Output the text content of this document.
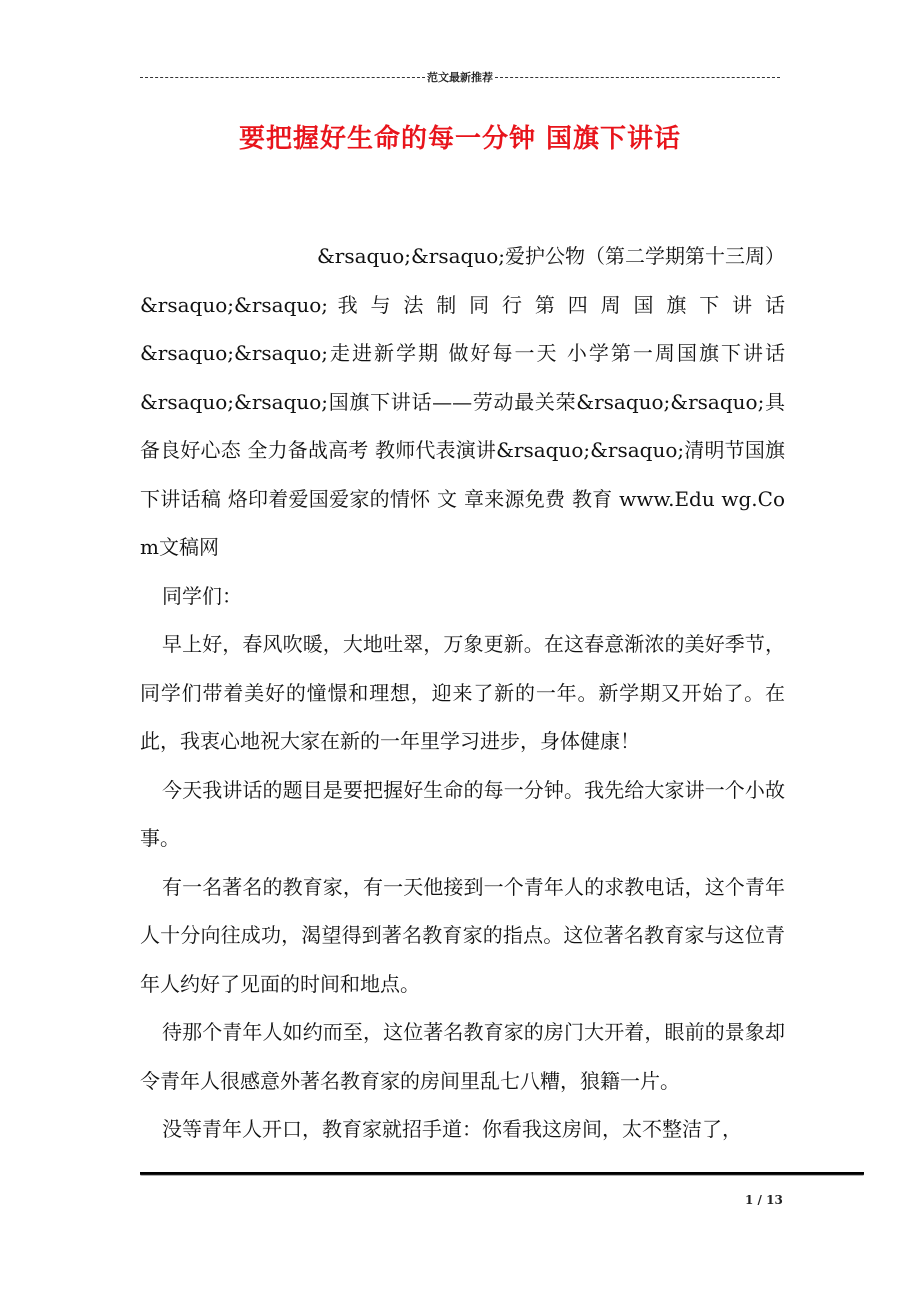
范文最新推荐
要把握好生命的每一分钟 国旗下讲话

&rsaquo;&rsaquo;爱护公物（第二学期第十三周）
&rsaquo;&rsaquo; 我 与 法 制 同 行 第 四 周 国 旗 下 讲 话 &rsaquo;&rsaquo;走进新学期 做好每一天 小学第一周国旗下讲话 &rsaquo;&rsaquo;国旗下讲话——劳动最关荣&rsaquo;&rsaquo;具备良好心态 全力备战高考 教师代表演讲&rsaquo;&rsaquo;清明节国旗下讲话稿 烙印着爱国爱家的情怀 文 章来源免费 教育 www.Edu wg.Co m文稿网

同学们：

早上好，春风吹暖，大地吐翠，万象更新。在这春意渐浓的美好季节，同学们带着美好的憧憬和理想，迎来了新的一年。新学期又开始了。在此，我衷心地祝大家在新的一年里学习进步，身体健康！

今天我讲话的题目是要把握好生命的每一分钟。我先给大家讲一个小故事。

有一名著名的教育家，有一天他接到一个青年人的求教电话，这个青年人十分向往成功，渴望得到著名教育家的指点。这位著名教育家与这位青年人约好了见面的时间和地点。

待那个青年人如约而至，这位著名教育家的房门大开着，眼前的景象却令青年人很感意外著名教育家的房间里乱七八糟，狼籍一片。

没等青年人开口，教育家就招手道：你看我这房间，太不整洁了，

1 / 13
